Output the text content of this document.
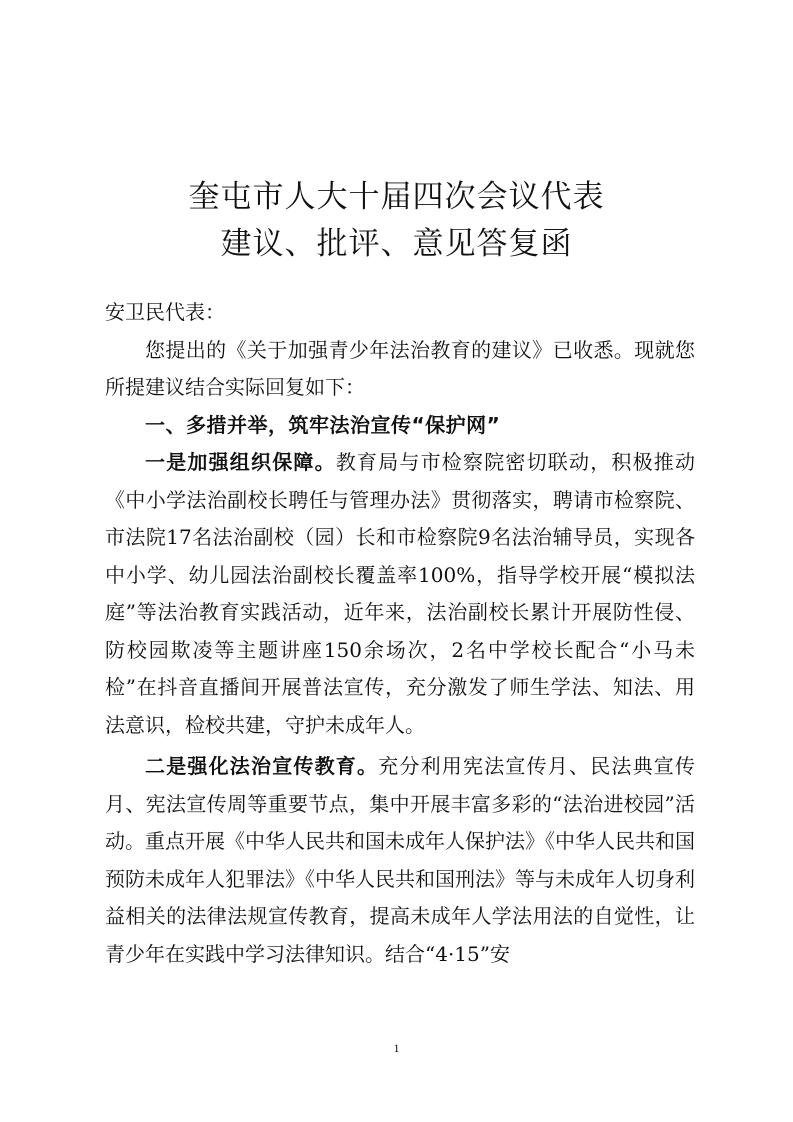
奎屯市人大十届四次会议代表
建议、批评、意见答复函

安卫民代表：

您提出的《关于加强青少年法治教育的建议》已收悉。现就您所提建议结合实际回复如下：

一、多措并举，筑牢法治宣传“保护网”

一是加强组织保障。教育局与市检察院密切联动，积极推动《中小学法治副校长聘任与管理办法》贯彻落实，聘请市检察院、市法院17名法治副校（园）长和市检察院9名法治辅导员，实现各中小学、幼儿园法治副校长覆盖率100%，指导学校开展“模拟法庭”等法治教育实践活动，近年来，法治副校长累计开展防性侵、防校园欺凌等主题讲座150余场次，2名中学校长配合“小马未检”在抖音直播间开展普法宣传，充分激发了师生学法、知法、用法意识，检校共建，守护未成年人。

二是强化法治宣传教育。充分利用宪法宣传月、民法典宣传月、宪法宣传周等重要节点，集中开展丰富多彩的“法治进校园”活动。重点开展《中华人民共和国未成年人保护法》《中华人民共和国预防未成年人犯罪法》《中华人民共和国刑法》等与未成年人切身利益相关的法律法规宣传教育，提高未成年人学法用法的自觉性，让青少年在实践中学习法律知识。结合“4·15”安

1
